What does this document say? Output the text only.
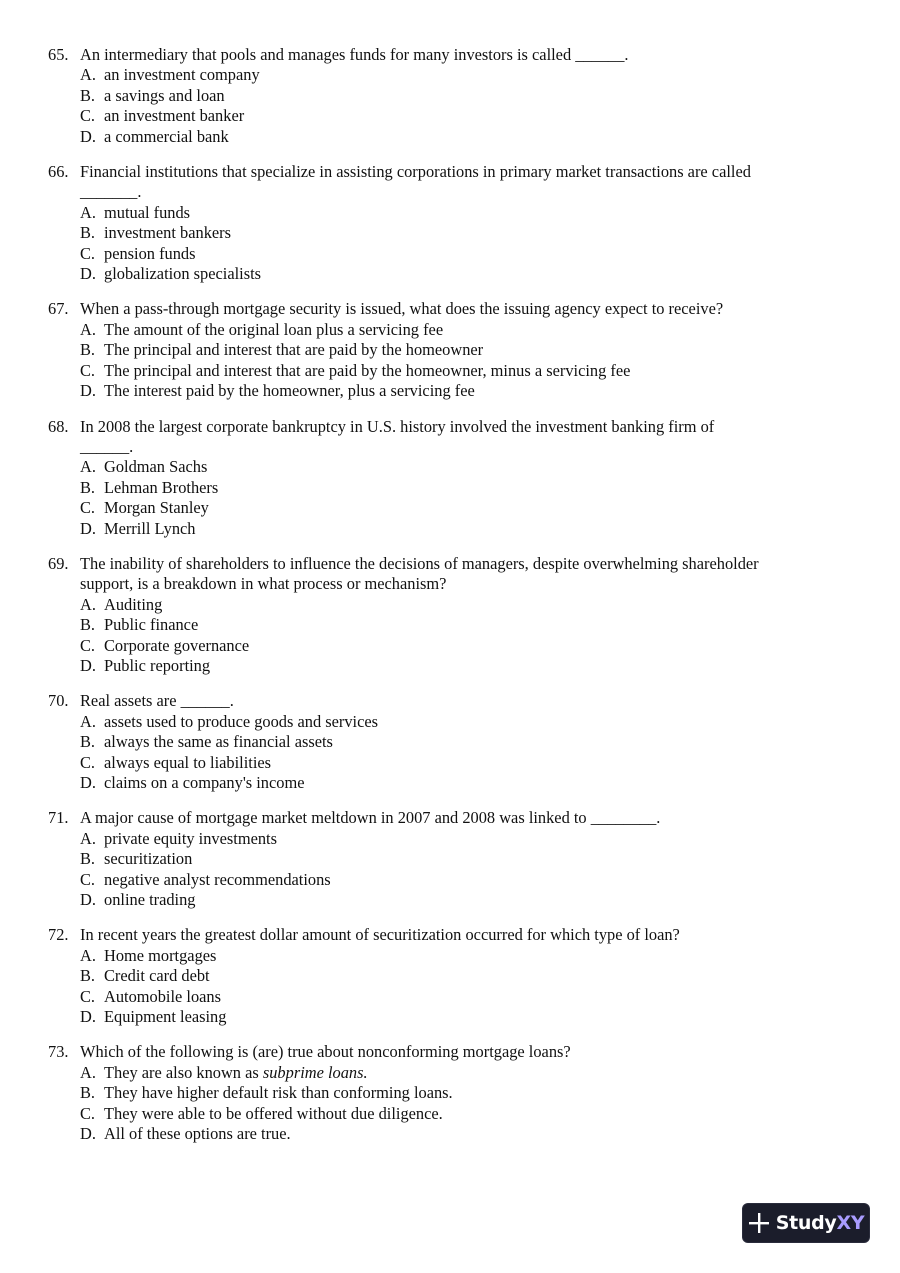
65. An intermediary that pools and manages funds for many investors is called ______.
A. an investment company
B. a savings and loan
C. an investment banker
D. a commercial bank
66. Financial institutions that specialize in assisting corporations in primary market transactions are called
_______.
A. mutual funds
B. investment bankers
C. pension funds
D. globalization specialists
67. When a pass-through mortgage security is issued, what does the issuing agency expect to receive?
A. The amount of the original loan plus a servicing fee
B. The principal and interest that are paid by the homeowner
C. The principal and interest that are paid by the homeowner, minus a servicing fee
D. The interest paid by the homeowner, plus a servicing fee
68. In 2008 the largest corporate bankruptcy in U.S. history involved the investment banking firm of
______.
A. Goldman Sachs
B. Lehman Brothers
C. Morgan Stanley
D. Merrill Lynch
69. The inability of shareholders to influence the decisions of managers, despite overwhelming shareholder
support, is a breakdown in what process or mechanism?
A. Auditing
B. Public finance
C. Corporate governance
D. Public reporting
70. Real assets are ______.
A. assets used to produce goods and services
B. always the same as financial assets
C. always equal to liabilities
D. claims on a company's income
71. A major cause of mortgage market meltdown in 2007 and 2008 was linked to ________.
A. private equity investments
B. securitization
C. negative analyst recommendations
D. online trading
72. In recent years the greatest dollar amount of securitization occurred for which type of loan?
A. Home mortgages
B. Credit card debt
C. Automobile loans
D. Equipment leasing
73. Which of the following is (are) true about nonconforming mortgage loans?
A. They are also known as subprime loans.
B. They have higher default risk than conforming loans.
C. They were able to be offered without due diligence.
D. All of these options are true.
StudyXY
